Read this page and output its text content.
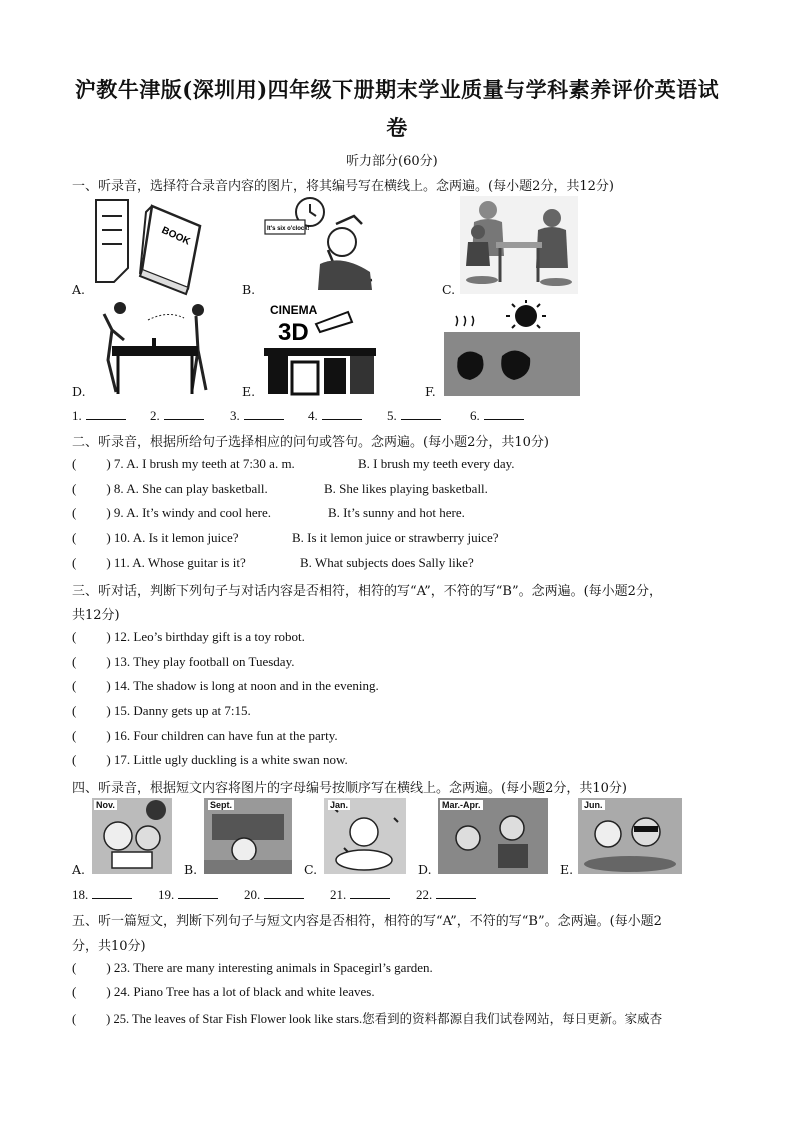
沪教牛津版(深圳用)四年级下册期末学业质量与学科素养评价英语试
卷
听力部分(60分)
一、听录音，选择符合录音内容的图片，将其编号写在横线上。念两遍。(每小题2分，共12分)
BOOK
A.
It's six o'clock!
B.	C.
D.
CINEMA
3D
E.	F.
1.	2.	3.	4.	5.	6.
二、听录音，根据所给句子选择相应的问句或答句。念两遍。(每小题2分，共10分)
( ) 7. A. I brush my teeth at 7:30 a. m.	B. I brush my teeth every day.
( ) 8. A. She can play basketball.	B. She likes playing basketball.
( ) 9. A. It’s windy and cool here.	B. It’s sunny and hot here.
( ) 10. A. Is it lemon juice?	B. Is it lemon juice or strawberry juice?
( ) 11. A. Whose guitar is it?	B. What subjects does Sally like?
三、听对话，判断下列句子与对话内容是否相符，相符的写“A”，不符的写“B”。念两遍。(每小题2分，
共12分)
( ) 12. Leo’s birthday gift is a toy robot.
( ) 13. They play football on Tuesday.
( ) 14. The shadow is long at noon and in the evening.
( ) 15. Danny gets up at 7:15.
( ) 16. Four children can have fun at the party.
( ) 17. Little ugly duckling is a white swan now.
四、听录音，根据短文内容将图片的字母编号按顺序写在横线上。念两遍。(每小题2分，共10分)
Nov.
A.
Sept.
B.
Jan.
C.
Mar.-Apr.
D.
Jun.
E.
18.	19.	20.	21.	22.
五、听一篇短文，判断下列句子与短文内容是否相符，相符的写“A”，不符的写“B”。念两遍。(每小题2
分，共10分)
( ) 23. There are many interesting animals in Spacegirl’s garden.
( ) 24. Piano Tree has a lot of black and white leaves.
( ) 25. The leaves of Star Fish Flower look like stars.您看到的资料都源自我们试卷网站，每日更新。家威杏
